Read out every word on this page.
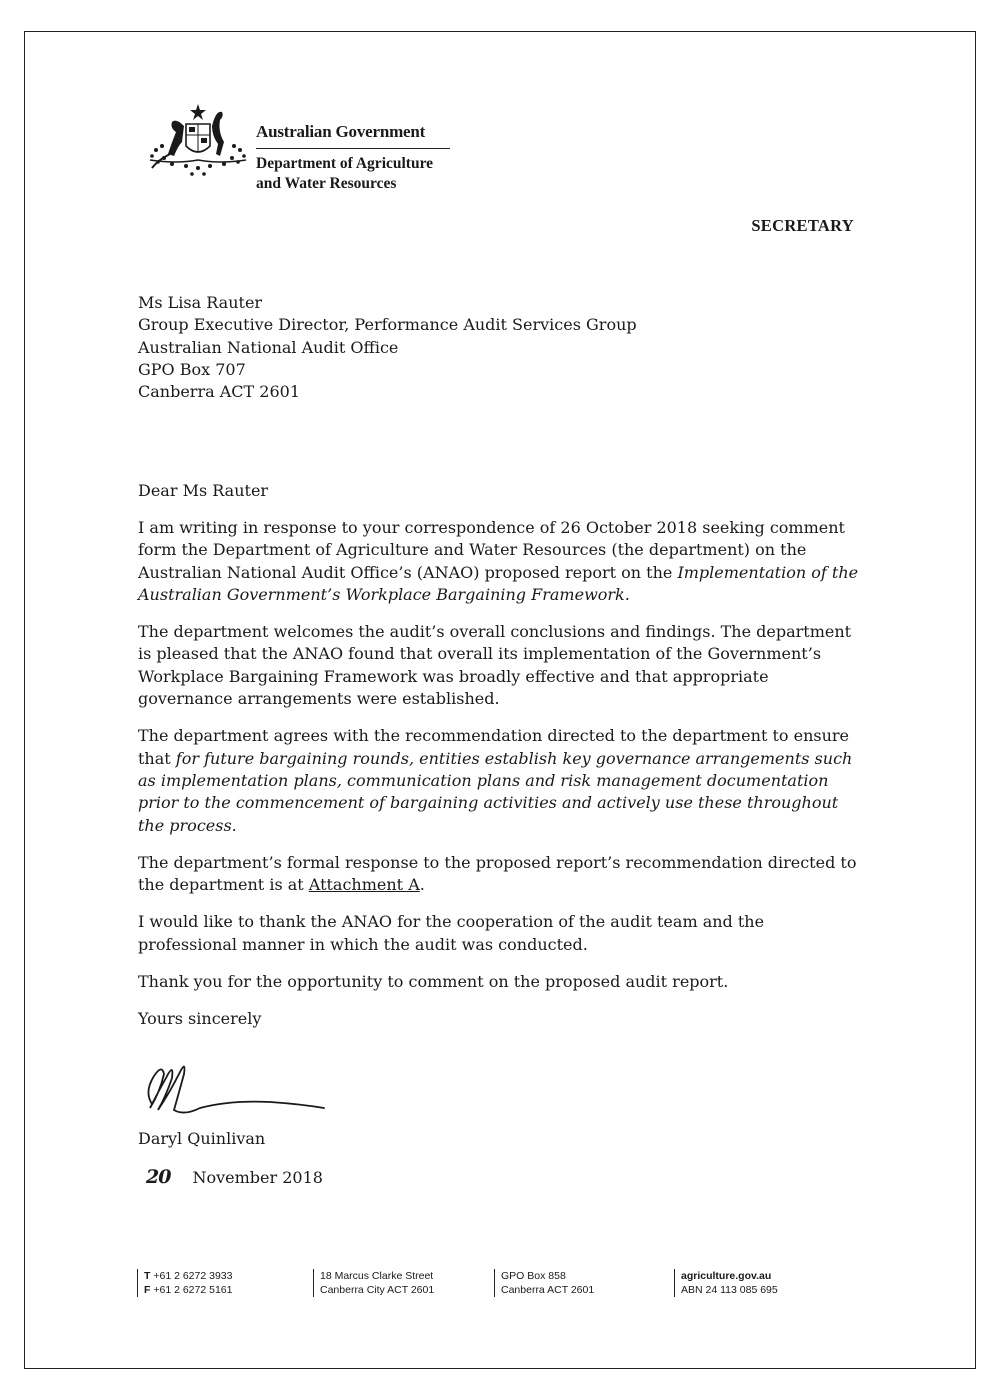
Australian Government
Department of Agriculture
and Water Resources
SECRETARY
Ms Lisa Rauter
Group Executive Director, Performance Audit Services Group
Australian National Audit Office
GPO Box 707
Canberra ACT 2601
Dear Ms Rauter

I am writing in response to your correspondence of 26 October 2018 seeking comment form the Department of Agriculture and Water Resources (the department) on the Australian National Audit Office’s (ANAO) proposed report on the Implementation of the Australian Government’s Workplace Bargaining Framework.

The department welcomes the audit’s overall conclusions and findings. The department is pleased that the ANAO found that overall its implementation of the Government’s Workplace Bargaining Framework was broadly effective and that appropriate governance arrangements were established.

The department agrees with the recommendation directed to the department to ensure that for future bargaining rounds, entities establish key governance arrangements such as implementation plans, communication plans and risk management documentation prior to the commencement of bargaining activities and actively use these throughout the process.

The department’s formal response to the proposed report’s recommendation directed to the department is at Attachment A.

I would like to thank the ANAO for the cooperation of the audit team and the professional manner in which the audit was conducted.

Thank you for the opportunity to comment on the proposed audit report.

Yours sincerely

Daryl Quinlivan
20 November 2018
T +61 2 6272 3933
F +61 2 6272 5161
18 Marcus Clarke Street
Canberra City ACT 2601
GPO Box 858
Canberra ACT 2601
agriculture.gov.au
ABN 24 113 085 695
